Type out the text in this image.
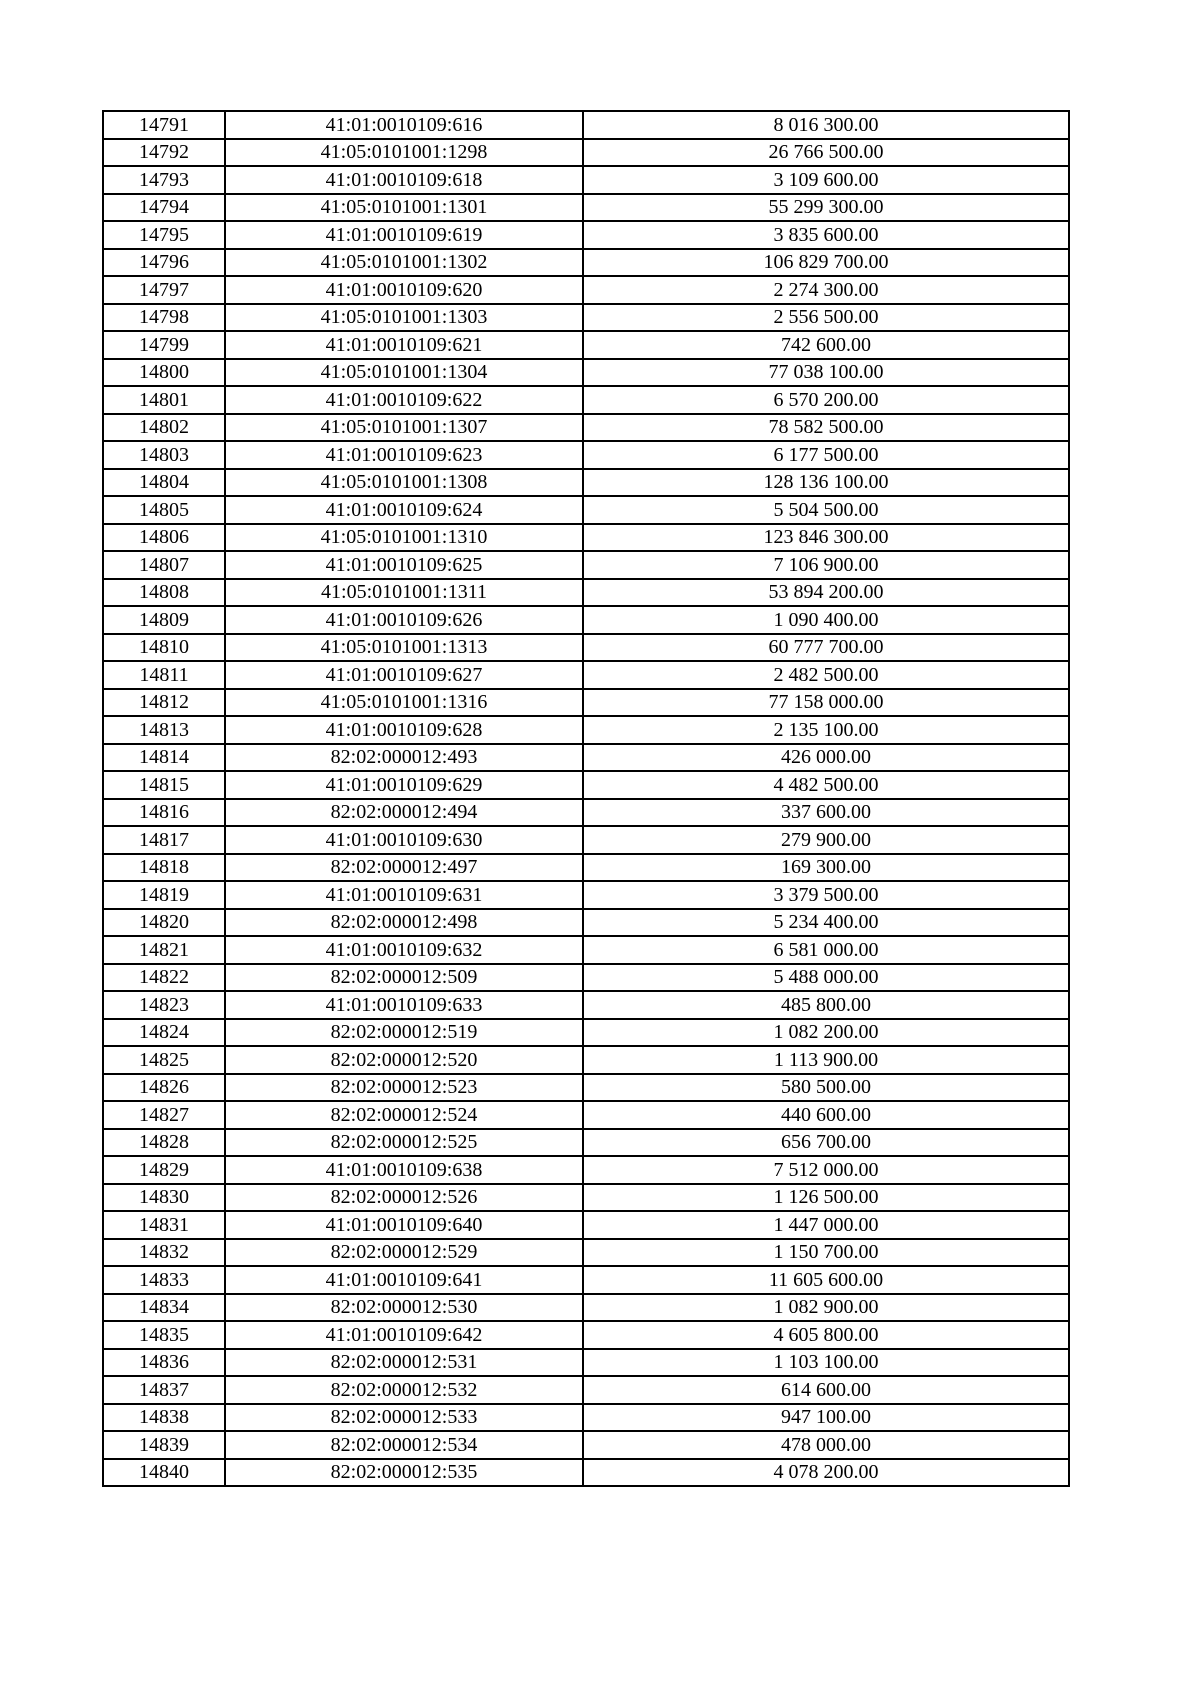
14791	41:01:0010109:616	8 016 300.00
14792	41:05:0101001:1298	26 766 500.00
14793	41:01:0010109:618	3 109 600.00
14794	41:05:0101001:1301	55 299 300.00
14795	41:01:0010109:619	3 835 600.00
14796	41:05:0101001:1302	106 829 700.00
14797	41:01:0010109:620	2 274 300.00
14798	41:05:0101001:1303	2 556 500.00
14799	41:01:0010109:621	742 600.00
14800	41:05:0101001:1304	77 038 100.00
14801	41:01:0010109:622	6 570 200.00
14802	41:05:0101001:1307	78 582 500.00
14803	41:01:0010109:623	6 177 500.00
14804	41:05:0101001:1308	128 136 100.00
14805	41:01:0010109:624	5 504 500.00
14806	41:05:0101001:1310	123 846 300.00
14807	41:01:0010109:625	7 106 900.00
14808	41:05:0101001:1311	53 894 200.00
14809	41:01:0010109:626	1 090 400.00
14810	41:05:0101001:1313	60 777 700.00
14811	41:01:0010109:627	2 482 500.00
14812	41:05:0101001:1316	77 158 000.00
14813	41:01:0010109:628	2 135 100.00
14814	82:02:000012:493	426 000.00
14815	41:01:0010109:629	4 482 500.00
14816	82:02:000012:494	337 600.00
14817	41:01:0010109:630	279 900.00
14818	82:02:000012:497	169 300.00
14819	41:01:0010109:631	3 379 500.00
14820	82:02:000012:498	5 234 400.00
14821	41:01:0010109:632	6 581 000.00
14822	82:02:000012:509	5 488 000.00
14823	41:01:0010109:633	485 800.00
14824	82:02:000012:519	1 082 200.00
14825	82:02:000012:520	1 113 900.00
14826	82:02:000012:523	580 500.00
14827	82:02:000012:524	440 600.00
14828	82:02:000012:525	656 700.00
14829	41:01:0010109:638	7 512 000.00
14830	82:02:000012:526	1 126 500.00
14831	41:01:0010109:640	1 447 000.00
14832	82:02:000012:529	1 150 700.00
14833	41:01:0010109:641	11 605 600.00
14834	82:02:000012:530	1 082 900.00
14835	41:01:0010109:642	4 605 800.00
14836	82:02:000012:531	1 103 100.00
14837	82:02:000012:532	614 600.00
14838	82:02:000012:533	947 100.00
14839	82:02:000012:534	478 000.00
14840	82:02:000012:535	4 078 200.00
